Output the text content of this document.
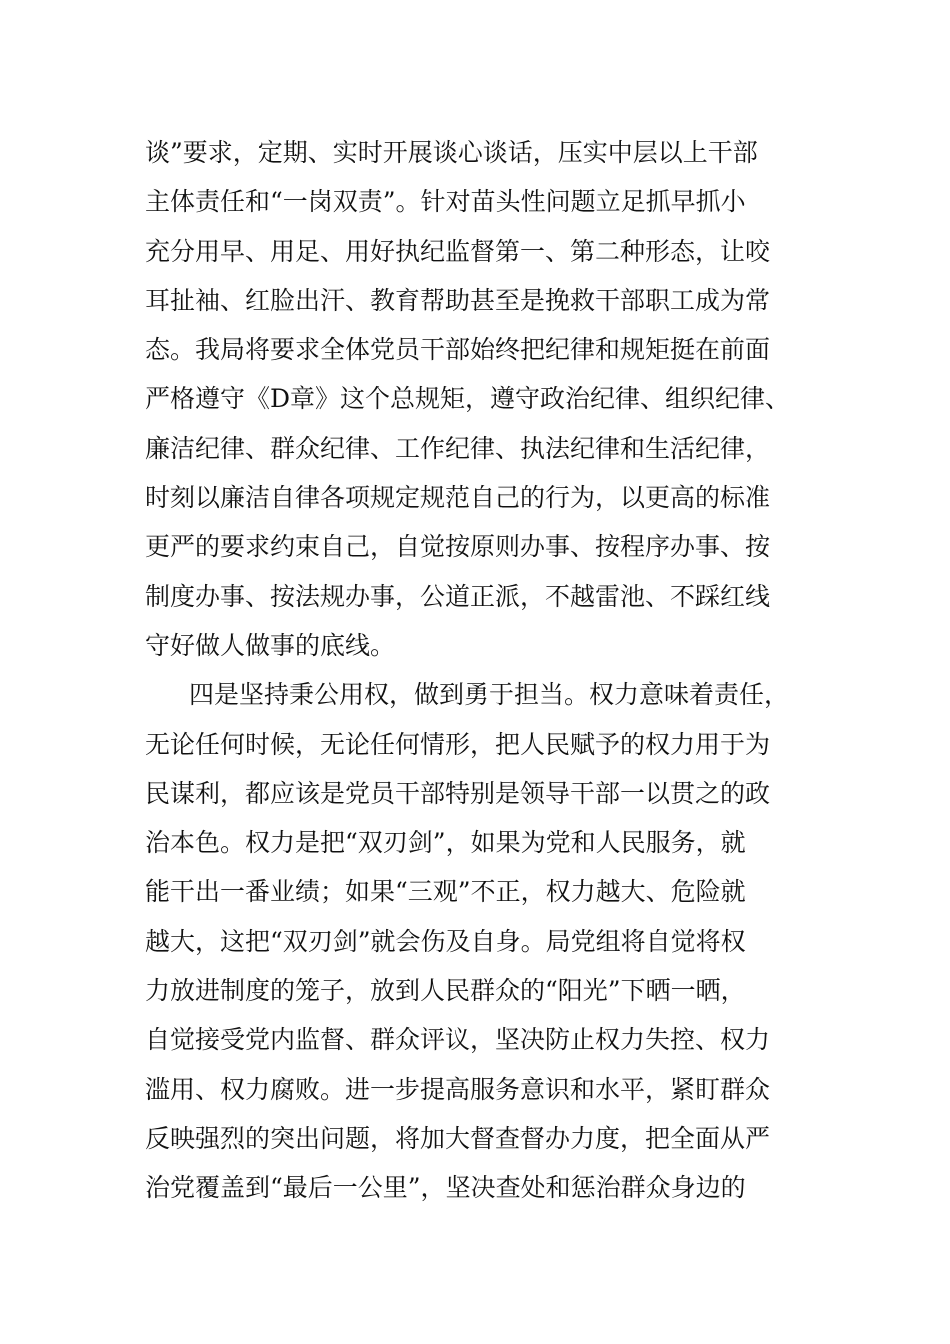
谈”要求，定期、实时开展谈心谈话，压实中层以上干部
主体责任和“一岗双责”。针对苗头性问题立足抓早抓小
充分用早、用足、用好执纪监督第一、第二种形态，让咬
耳扯袖、红脸出汗、教育帮助甚至是挽救干部职工成为常
态。我局将要求全体党员干部始终把纪律和规矩挺在前面
严格遵守《D章》这个总规矩，遵守政治纪律、组织纪律、
廉洁纪律、群众纪律、工作纪律、执法纪律和生活纪律，
时刻以廉洁自律各项规定规范自己的行为，以更高的标准
更严的要求约束自己，自觉按原则办事、按程序办事、按
制度办事、按法规办事，公道正派，不越雷池、不踩红线
守好做人做事的底线。
四是坚持秉公用权，做到勇于担当。权力意味着责任，
无论任何时候，无论任何情形，把人民赋予的权力用于为
民谋利，都应该是党员干部特别是领导干部一以贯之的政
治本色。权力是把“双刃剑”，如果为党和人民服务，就
能干出一番业绩；如果“三观”不正，权力越大、危险就
越大，这把“双刃剑”就会伤及自身。局党组将自觉将权
力放进制度的笼子，放到人民群众的“阳光”下晒一晒，
自觉接受党内监督、群众评议，坚决防止权力失控、权力
滥用、权力腐败。进一步提高服务意识和水平，紧盯群众
反映强烈的突出问题，将加大督查督办力度，把全面从严
治党覆盖到“最后一公里”，坚决查处和惩治群众身边的
